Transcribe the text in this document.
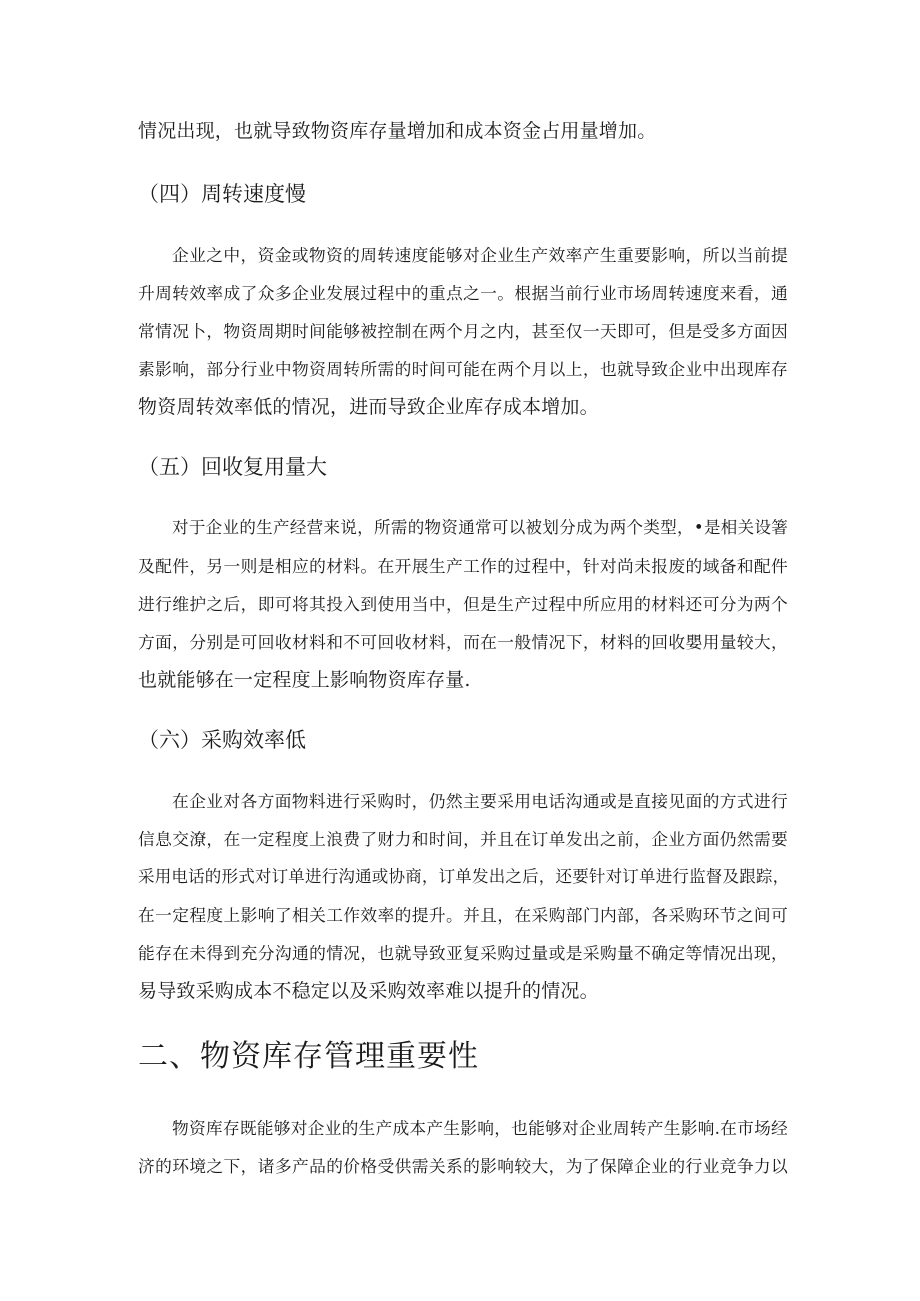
情况出现，也就导致物资库存量增加和成本资金占用量增加。
（四）周转速度慢
企业之中，资金或物资的周转速度能够对企业生产效率产生重要影响，所以当前提
升周转效率成了众多企业发展过程中的重点之一。根据当前行业市场周转速度来看，通
常情况卜，物资周期时间能够被控制在两个月之内，甚至仅一天即可，但是受多方面因
素影响，部分行业中物资周转所需的时间可能在两个月以上，也就导致企业中出现库存
物资周转效率低的情况，进而导致企业库存成本增加。
（五）回收复用量大
对于企业的生产经营来说，所需的物资通常可以被划分成为两个类型，•是相关设箸
及配件，另一则是相应的材料。在开展生产工作的过程中，针对尚未报废的域备和配件
进行维护之后，即可将其投入到使用当中，但是生产过程中所应用的材料还可分为两个
方面，分别是可回收材料和不可回收材料，而在一般情况下，材料的回收嬰用量较大，
也就能够在一定程度上影响物资库存量.
（六）采购效率低
在企业对各方面物料进行采购时，仍然主要采用电话沟通或是直接见面的方式进行
信息交潦，在一定程度上浪费了财力和时间，并且在订单发出之前，企业方面仍然需要
采用电话的形式对订单进行沟通或协商，订单发出之后，还要针对订单进行监督及跟踪，
在一定程度上影响了相关工作效率的提升。并且，在采购部门内部，各采购环节之间可
能存在未得到充分沟通的情况，也就导致亚复采购过量或是采购量不确定等情况出现，
易导致采购成本不稳定以及采购效率难以提升的情况。
二、物资库存管理重要性
物资库存既能够对企业的生产成本产生影响，也能够对企业周转产生影响.在市场经
济的环境之下，诸多产品的价格受供需关系的影响较大，为了保障企业的行业竞争力以
